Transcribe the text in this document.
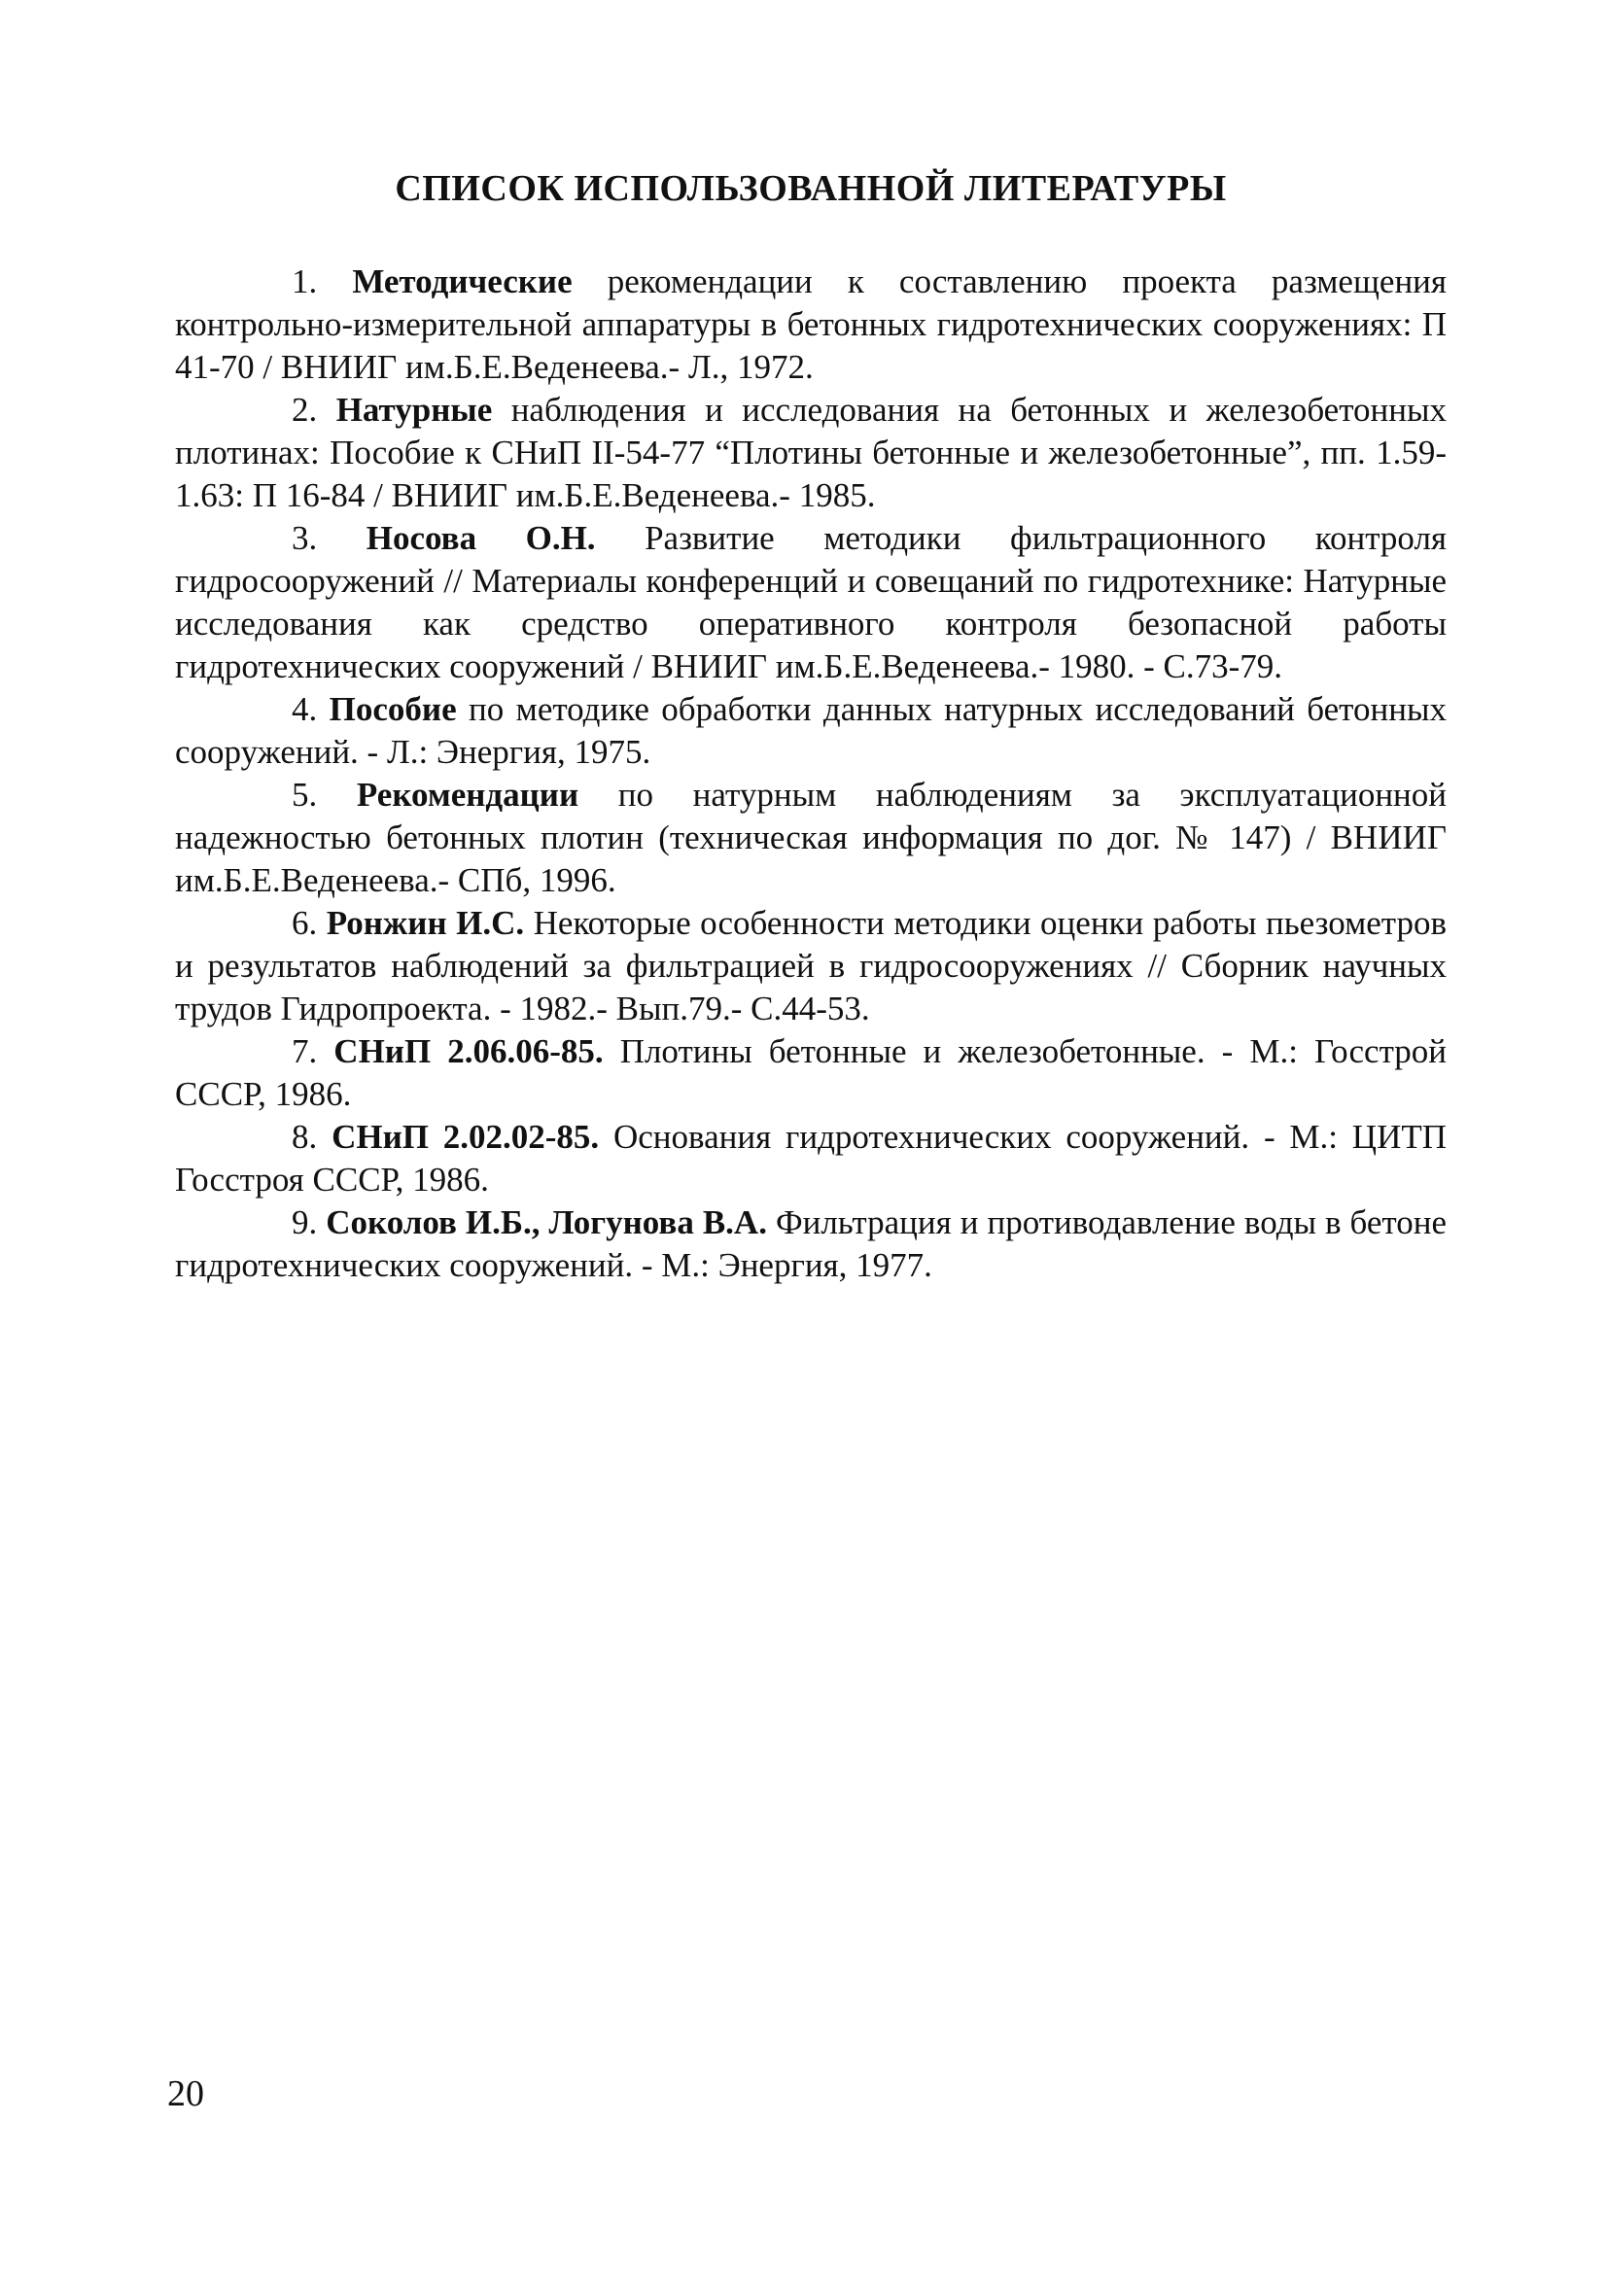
СПИСОК ИСПОЛЬЗОВАННОЙ ЛИТЕРАТУРЫ
1. Методические рекомендации к составлению проекта размещения контрольно-измерительной аппаратуры в бетонных гидротехнических сооружениях: П 41-70 / ВНИИГ им.Б.Е.Веденеева.- Л., 1972.
2. Натурные наблюдения и исследования на бетонных и железобетонных плотинах: Пособие к СНиП II-54-77 “Плотины бетонные и железобетонные”, пп. 1.59-1.63: П 16-84 / ВНИИГ им.Б.Е.Веденеева.- 1985.
3. Носова О.Н. Развитие методики фильтрационного контроля гидросооружений // Материалы конференций и совещаний по гидротехнике: Натурные исследования как средство оперативного контроля безопасной работы гидротехнических сооружений / ВНИИГ им.Б.Е.Веденеева.- 1980. - С.73-79.
4. Пособие по методике обработки данных натурных исследований бетонных сооружений. - Л.: Энергия, 1975.
5. Рекомендации по натурным наблюдениям за эксплуатационной надежностью бетонных плотин (техническая информация по дог. № 147) / ВНИИГ им.Б.Е.Веденеева.- СПб, 1996.
6. Ронжин И.С. Некоторые особенности методики оценки работы пьезометров и результатов наблюдений за фильтрацией в гидросооружениях // Сборник научных трудов Гидропроекта. - 1982.- Вып.79.- С.44-53.
7. СНиП 2.06.06-85. Плотины бетонные и железобетонные. - М.: Госстрой СССР, 1986.
8. СНиП 2.02.02-85. Основания гидротехнических сооружений. - М.: ЦИТП Госстроя СССР, 1986.
9. Соколов И.Б., Логунова В.А. Фильтрация и противодавление воды в бетоне гидротехнических сооружений. - М.: Энергия, 1977.
20
